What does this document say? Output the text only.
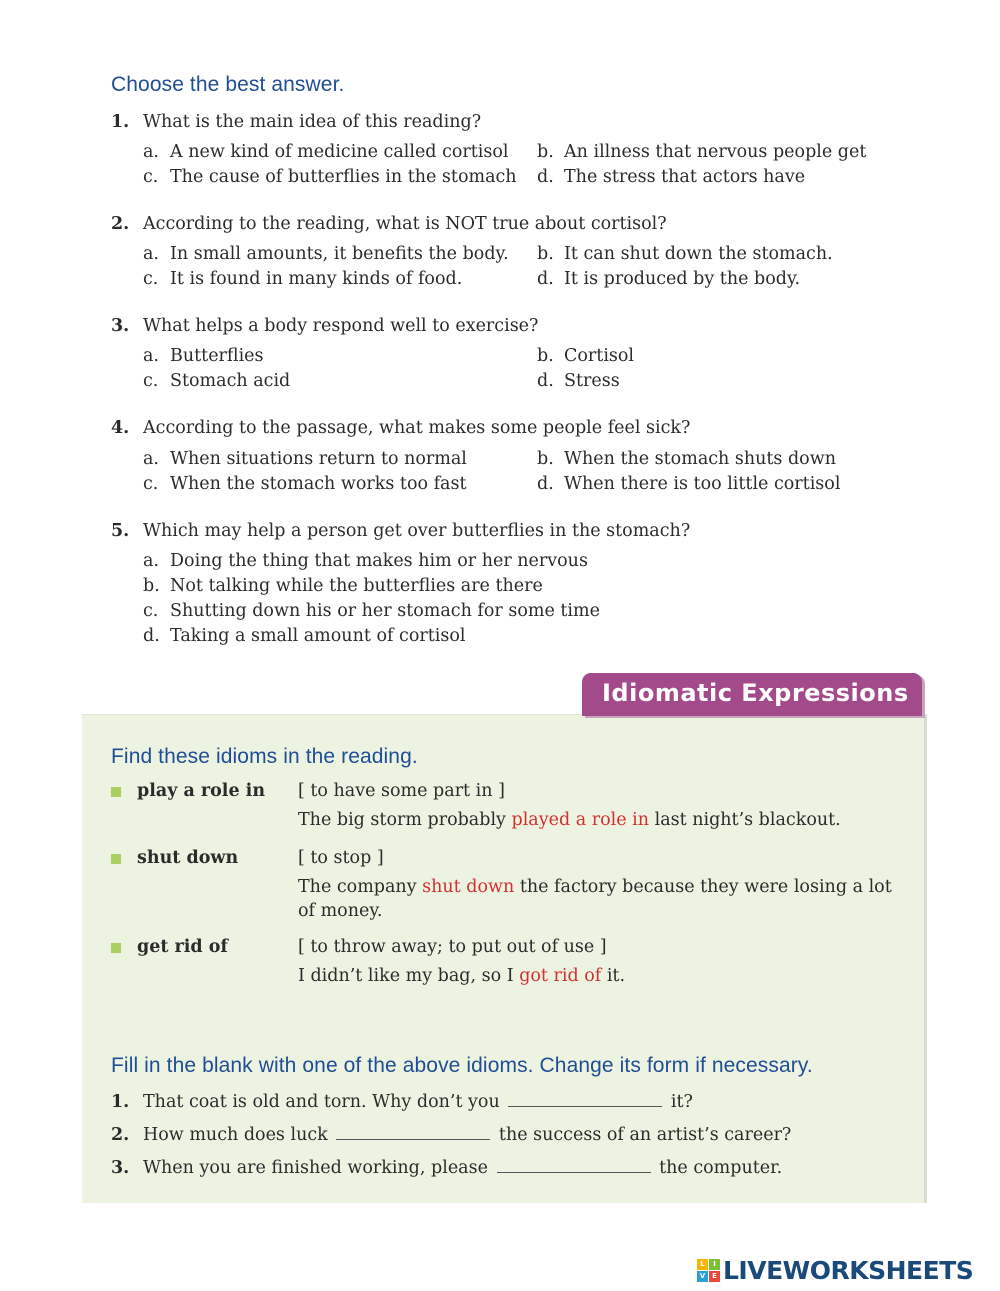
Choose the best answer.
1. What is the main idea of this reading?
a. A new kind of medicine called cortisol b. An illness that nervous people get
c. The cause of butterflies in the stomach d. The stress that actors have
2. According to the reading, what is NOT true about cortisol?
a. In small amounts, it benefits the body. b. It can shut down the stomach.
c. It is found in many kinds of food.	d. It is produced by the body.
3. What helps a body respond well to exercise?
a. Butterflies	b. Cortisol
c. Stomach acid	d. Stress
4. According to the passage, what makes some people feel sick?
a. When situations return to normal	b. When the stomach shuts down
c. When the stomach works too fast	d. When there is too little cortisol
5. Which may help a person get over butterflies in the stomach?
a. Doing the thing that makes him or her nervous
b. Not talking while the butterflies are there
c. Shutting down his or her stomach for some time
d. Taking a small amount of cortisol
Idiomatic Expressions
Find these idioms in the reading.
play a role in [ to have some part in ]
The big storm probably played a role in last night’s blackout.
shut down	[ to stop ]
The company shut down the factory because they were losing a lot of money.
get rid of	[ to throw away; to put out of use ]
I didn’t like my bag, so I got rid of it.
Fill in the blank with one of the above idioms. Change its form if necessary.
1. That coat is old and torn. Why don’t you	it?
2. How much does luck	the success of an artist’s career?
3. When you are finished working, please	the computer.
L	I
V E LIVEWORKSHEETS
